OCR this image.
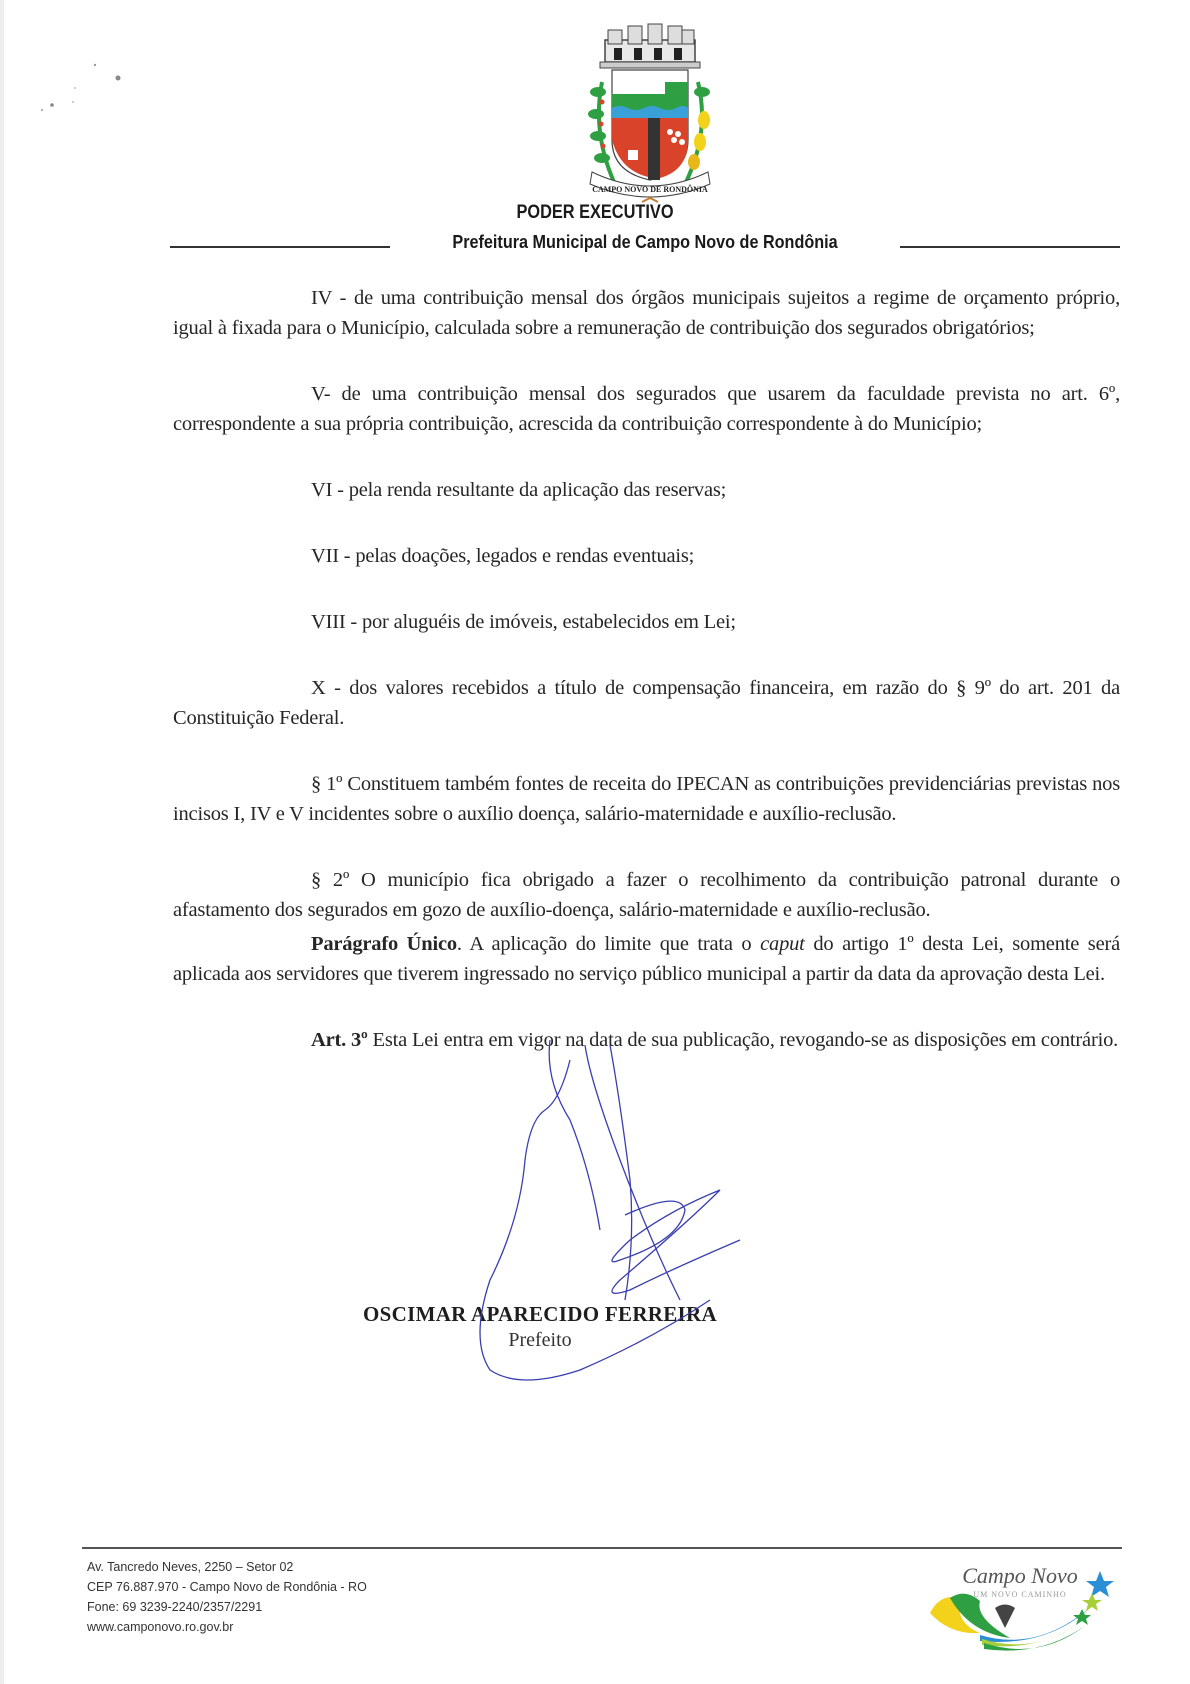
CAMPO NOVO DE RONDÔNIA
PODER EXECUTIVO
Prefeitura Municipal de Campo Novo de Rondônia

IV - de uma contribuição mensal dos órgãos municipais sujeitos a regime de orçamento próprio, igual à fixada para o Município, calculada sobre a remuneração de contribuição dos segurados obrigatórios;

V- de uma contribuição mensal dos segurados que usarem da faculdade prevista no art. 6º, correspondente a sua própria contribuição, acrescida da contribuição correspondente à do Município;

VI - pela renda resultante da aplicação das reservas;

VII - pelas doações, legados e rendas eventuais;

VIII - por aluguéis de imóveis, estabelecidos em Lei;

X - dos valores recebidos a título de compensação financeira, em razão do § 9º do art. 201 da Constituição Federal.

§ 1º Constituem também fontes de receita do IPECAN as contribuições previdenciárias previstas nos incisos I, IV e V incidentes sobre o auxílio doença, salário-maternidade e auxílio-reclusão.

§ 2º O município fica obrigado a fazer o recolhimento da contribuição patronal durante o afastamento dos segurados em gozo de auxílio-doença, salário-maternidade e auxílio-reclusão.

Parágrafo Único. A aplicação do limite que trata o caput do artigo 1º desta Lei, somente será aplicada aos servidores que tiverem ingressado no serviço público municipal a partir da data da aprovação desta Lei.

Art. 3º Esta Lei entra em vigor na data de sua publicação, revogando-se as disposições em contrário.

OSCIMAR APARECIDO FERREIRA
Prefeito
Av. Tancredo Neves, 2250 – Setor 02
CEP 76.887.970 - Campo Novo de Rondônia - RO
Fone: 69 3239-2240/2357/2291
www.camponovo.ro.gov.br
Campo Novo
UM NOVO CAMINHO
